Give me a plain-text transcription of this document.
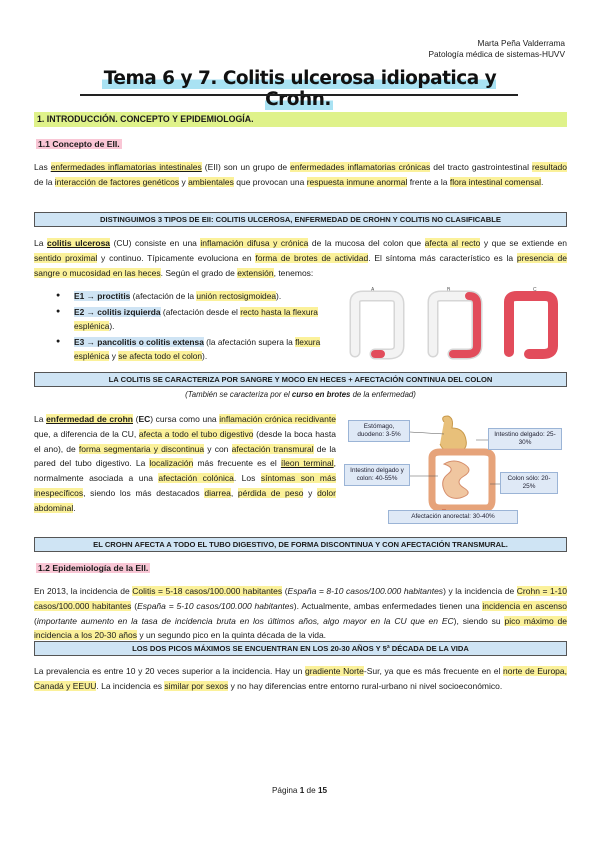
Marta Peña Valderrama
Patología médica de sistemas-HUVV
Tema 6 y 7. Colitis ulcerosa idiopatica y Crohn.
1. INTRODUCCIÓN. CONCEPTO Y EPIDEMIOLOGÍA.
1.1 Concepto de EII.
Las enfermedades inflamatorias intestinales (EII) son un grupo de enfermedades inflamatorias crónicas del tracto gastrointestinal resultado de la interacción de factores genéticos y ambientales que provocan una respuesta inmune anormal frente a la flora intestinal comensal.
DISTINGUIMOS 3 TIPOS DE EII: COLITIS ULCEROSA, ENFERMEDAD DE CROHN Y COLITIS NO CLASIFICABLE
La colitis ulcerosa (CU) consiste en una inflamación difusa y crónica de la mucosa del colon que afecta al recto y que se extiende en sentido proximal y continuo. Típicamente evoluciona en forma de brotes de actividad. El síntoma más característico es la presencia de sangre o mucosidad en las heces. Según el grado de extensión, tenemos:
● E1 → proctitis (afectación de la unión rectosigmoidea).
● E2 → colitis izquierda (afectación desde el recto hasta la flexura esplénica).
● E3 → pancolitis o colitis extensa (la afectación supera la flexura esplénica y se afecta todo el colon).
A	B	C
LA COLITIS SE CARACTERIZA POR SANGRE Y MOCO EN HECES + AFECTACIÓN CONTINUA DEL COLON
(También se caracteriza por el curso en brotes de la enfermedad)
La enfermedad de crohn (EC) cursa como una inflamación crónica recidivante que, a diferencia de la CU, afecta a todo el tubo digestivo (desde la boca hasta el ano), de forma segmentaria y discontinua y con afectación transmural de la pared del tubo digestivo. La localización más frecuente es el íleon terminal, normalmente asociada a una afectación colónica. Los síntomas son más inespecíficos, siendo los más destacados diarrea, pérdida de peso y dolor abdominal.
Estómago, duodeno: 3-5%	Intestino delgado: 25-30%
Intestino delgado y colon: 40-55%	Colon sólo: 20-25%
Afectación anorectal: 30-40%
EL CROHN AFECTA A TODO EL TUBO DIGESTIVO, DE FORMA DISCONTINUA Y CON AFECTACIÓN TRANSMURAL.
1.2 Epidemiología de la EII.
En 2013, la incidencia de Colitis = 5-18 casos/100.000 habitantes (España = 8-10 casos/100.000 habitantes) y la incidencia de Crohn = 1-10 casos/100.000 habitantes (España = 5-10 casos/100.000 habitantes). Actualmente, ambas enfermedades tienen una incidencia en ascenso (importante aumento en la tasa de incidencia bruta en los últimos años, algo mayor en la CU que en EC), siendo su pico máximo de incidencia a los 20-30 años y un segundo pico en la quinta década de la vida.
LOS DOS PICOS MÁXIMOS SE ENCUENTRAN EN LOS 20-30 AÑOS Y 5ª DÉCADA DE LA VIDA
La prevalencia es entre 10 y 20 veces superior a la incidencia. Hay un gradiente Norte-Sur, ya que es más frecuente en el norte de Europa, Canadá y EEUU. La incidencia es similar por sexos y no hay diferencias entre entorno rural-urbano ni nivel socioeconómico.
Página 1 de 15
